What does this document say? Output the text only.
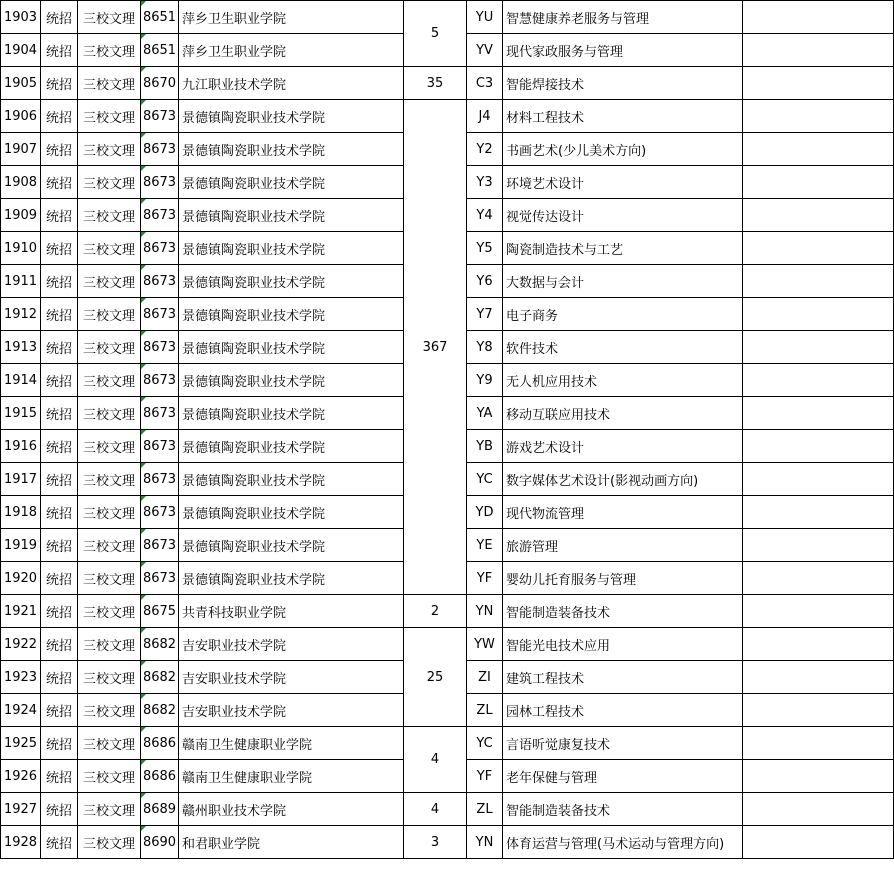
1903	统招	三校文理	8651	萍乡卫生职业学院	5	YU	智慧健康养老服务与管理	
1904	统招	三校文理	8651	萍乡卫生职业学院		YV	现代家政服务与管理	
1905	统招	三校文理	8670	九江职业技术学院	35	C3	智能焊接技术	
1906	统招	三校文理	8673	景德镇陶瓷职业技术学院	367	J4	材料工程技术	
1907	统招	三校文理	8673	景德镇陶瓷职业技术学院		Y2	书画艺术(少儿美术方向)	
1908	统招	三校文理	8673	景德镇陶瓷职业技术学院		Y3	环境艺术设计	
1909	统招	三校文理	8673	景德镇陶瓷职业技术学院		Y4	视觉传达设计	
1910	统招	三校文理	8673	景德镇陶瓷职业技术学院		Y5	陶瓷制造技术与工艺	
1911	统招	三校文理	8673	景德镇陶瓷职业技术学院		Y6	大数据与会计	
1912	统招	三校文理	8673	景德镇陶瓷职业技术学院		Y7	电子商务	
1913	统招	三校文理	8673	景德镇陶瓷职业技术学院		Y8	软件技术	
1914	统招	三校文理	8673	景德镇陶瓷职业技术学院		Y9	无人机应用技术	
1915	统招	三校文理	8673	景德镇陶瓷职业技术学院		YA	移动互联应用技术	
1916	统招	三校文理	8673	景德镇陶瓷职业技术学院		YB	游戏艺术设计	
1917	统招	三校文理	8673	景德镇陶瓷职业技术学院		YC	数字媒体艺术设计(影视动画方向)	
1918	统招	三校文理	8673	景德镇陶瓷职业技术学院		YD	现代物流管理	
1919	统招	三校文理	8673	景德镇陶瓷职业技术学院		YE	旅游管理	
1920	统招	三校文理	8673	景德镇陶瓷职业技术学院		YF	婴幼儿托育服务与管理	
1921	统招	三校文理	8675	共青科技职业学院	2	YN	智能制造装备技术	
1922	统招	三校文理	8682	吉安职业技术学院	25	YW	智能光电技术应用	
1923	统招	三校文理	8682	吉安职业技术学院		ZI	建筑工程技术	
1924	统招	三校文理	8682	吉安职业技术学院		ZL	园林工程技术	
1925	统招	三校文理	8686	赣南卫生健康职业学院	4	YC	言语听觉康复技术	
1926	统招	三校文理	8686	赣南卫生健康职业学院		YF	老年保健与管理	
1927	统招	三校文理	8689	赣州职业技术学院	4	ZL	智能制造装备技术	
1928	统招	三校文理	8690	和君职业学院	3	YN	体育运营与管理(马术运动与管理方向)	
